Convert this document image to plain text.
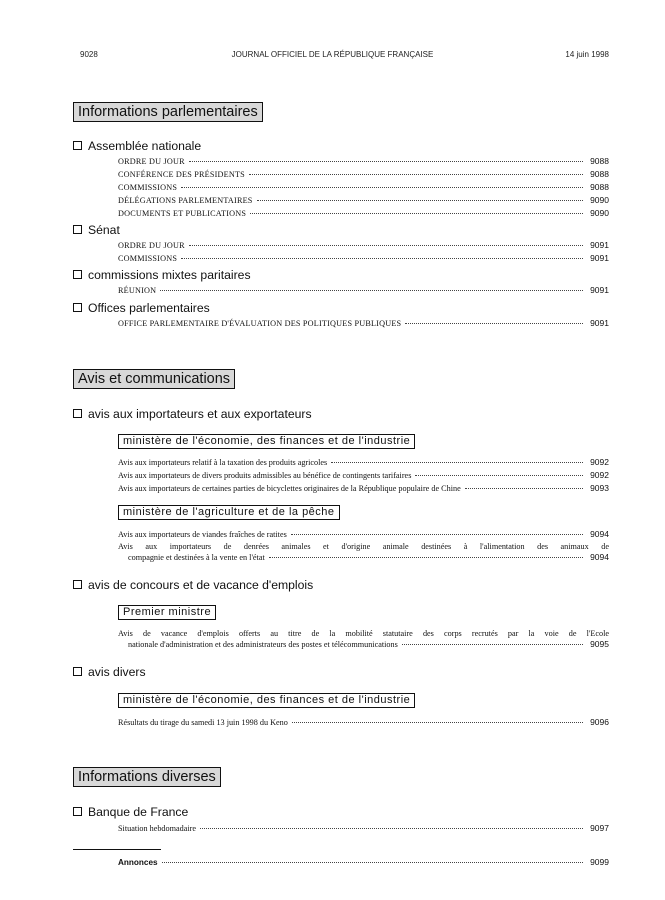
9028	JOURNAL OFFICIEL DE LA RÉPUBLIQUE FRANÇAISE	14 juin 1998
Informations parlementaires
Assemblée nationale
ORDRE DU JOUR	9088
CONFÉRENCE DES PRÉSIDENTS	9088
COMMISSIONS	9088
DÉLÉGATIONS PARLEMENTAIRES	9090
DOCUMENTS ET PUBLICATIONS	9090
Sénat
ORDRE DU JOUR	9091
COMMISSIONS	9091
commissions mixtes paritaires
RÉUNION	9091
Offices parlementaires
OFFICE PARLEMENTAIRE D'ÉVALUATION DES POLITIQUES PUBLIQUES	9091
Avis et communications
avis aux importateurs et aux exportateurs
ministère de l'économie, des finances et de l'industrie
Avis aux importateurs relatif à la taxation des produits agricoles	9092
Avis aux importateurs de divers produits admissibles au bénéfice de contingents tarifaires	9092
Avis aux importateurs de certaines parties de bicyclettes originaires de la République populaire de Chine	9093
ministère de l'agriculture et de la pêche
Avis aux importateurs de viandes fraîches de ratites	9094
Avis aux importateurs de denrées animales et d'origine animale destinées à l'alimentation des animaux de
compagnie et destinées à la vente en l'état	9094
avis de concours et de vacance d'emplois
Premier ministre
Avis de vacance d'emplois offerts au titre de la mobilité statutaire des corps recrutés par la voie de l'Ecole
nationale d'administration et des administrateurs des postes et télécommunications	9095
avis divers
ministère de l'économie, des finances et de l'industrie
Résultats du tirage du samedi 13 juin 1998 du Keno	9096
Informations diverses
Banque de France
Situation hebdomadaire	9097
Annonces	9099
